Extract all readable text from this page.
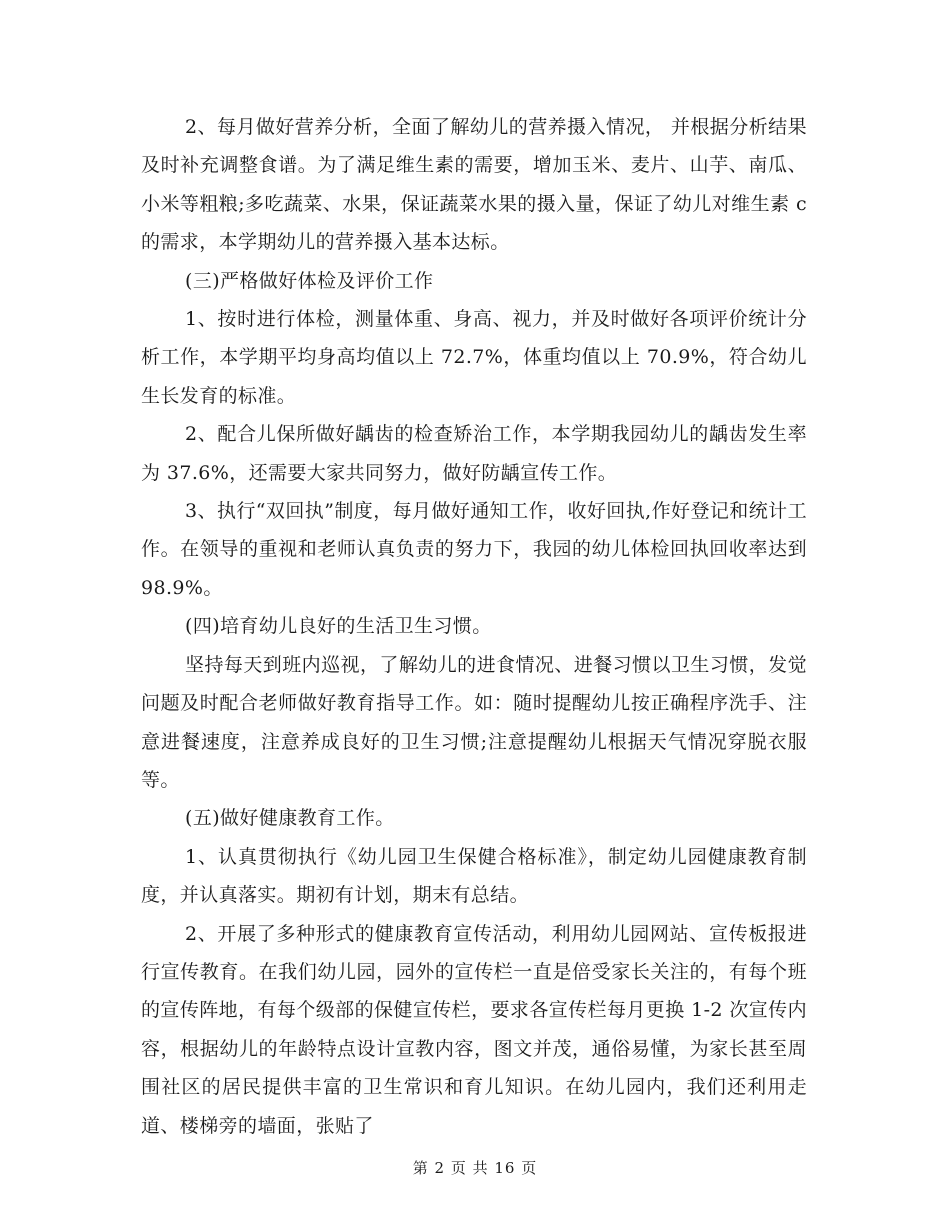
2、每月做好营养分析，全面了解幼儿的营养摄入情况， 并根据分析结果及时补充调整食谱。为了满足维生素的需要，增加玉米、麦片、山芋、南瓜、小米等粗粮;多吃蔬菜、水果，保证蔬菜水果的摄入量，保证了幼儿对维生素 c 的需求，本学期幼儿的营养摄入基本达标。

(三)严格做好体检及评价工作

1、按时进行体检，测量体重、身高、视力，并及时做好各项评价统计分析工作，本学期平均身高均值以上 72.7%，体重均值以上 70.9%，符合幼儿生长发育的标准。

2、配合儿保所做好龋齿的检查矫治工作，本学期我园幼儿的龋齿发生率为 37.6%，还需要大家共同努力，做好防龋宣传工作。

3、执行“双回执”制度，每月做好通知工作，收好回执,作好登记和统计工作。在领导的重视和老师认真负责的努力下，我园的幼儿体检回执回收率达到 98.9%。

(四)培育幼儿良好的生活卫生习惯。

坚持每天到班内巡视，了解幼儿的进食情况、进餐习惯以卫生习惯，发觉问题及时配合老师做好教育指导工作。如：随时提醒幼儿按正确程序洗手、注意进餐速度，注意养成良好的卫生习惯;注意提醒幼儿根据天气情况穿脱衣服等。

(五)做好健康教育工作。

1、认真贯彻执行《幼儿园卫生保健合格标准》，制定幼儿园健康教育制度，并认真落实。期初有计划，期末有总结。

2、开展了多种形式的健康教育宣传活动，利用幼儿园网站、宣传板报进行宣传教育。在我们幼儿园，园外的宣传栏一直是倍受家长关注的，有每个班的宣传阵地，有每个级部的保健宣传栏，要求各宣传栏每月更换 1-2 次宣传内容，根据幼儿的年龄特点设计宣教内容，图文并茂，通俗易懂，为家长甚至周围社区的居民提供丰富的卫生常识和育儿知识。在幼儿园内，我们还利用走道、楼梯旁的墙面，张贴了

第 2 页 共 16 页
